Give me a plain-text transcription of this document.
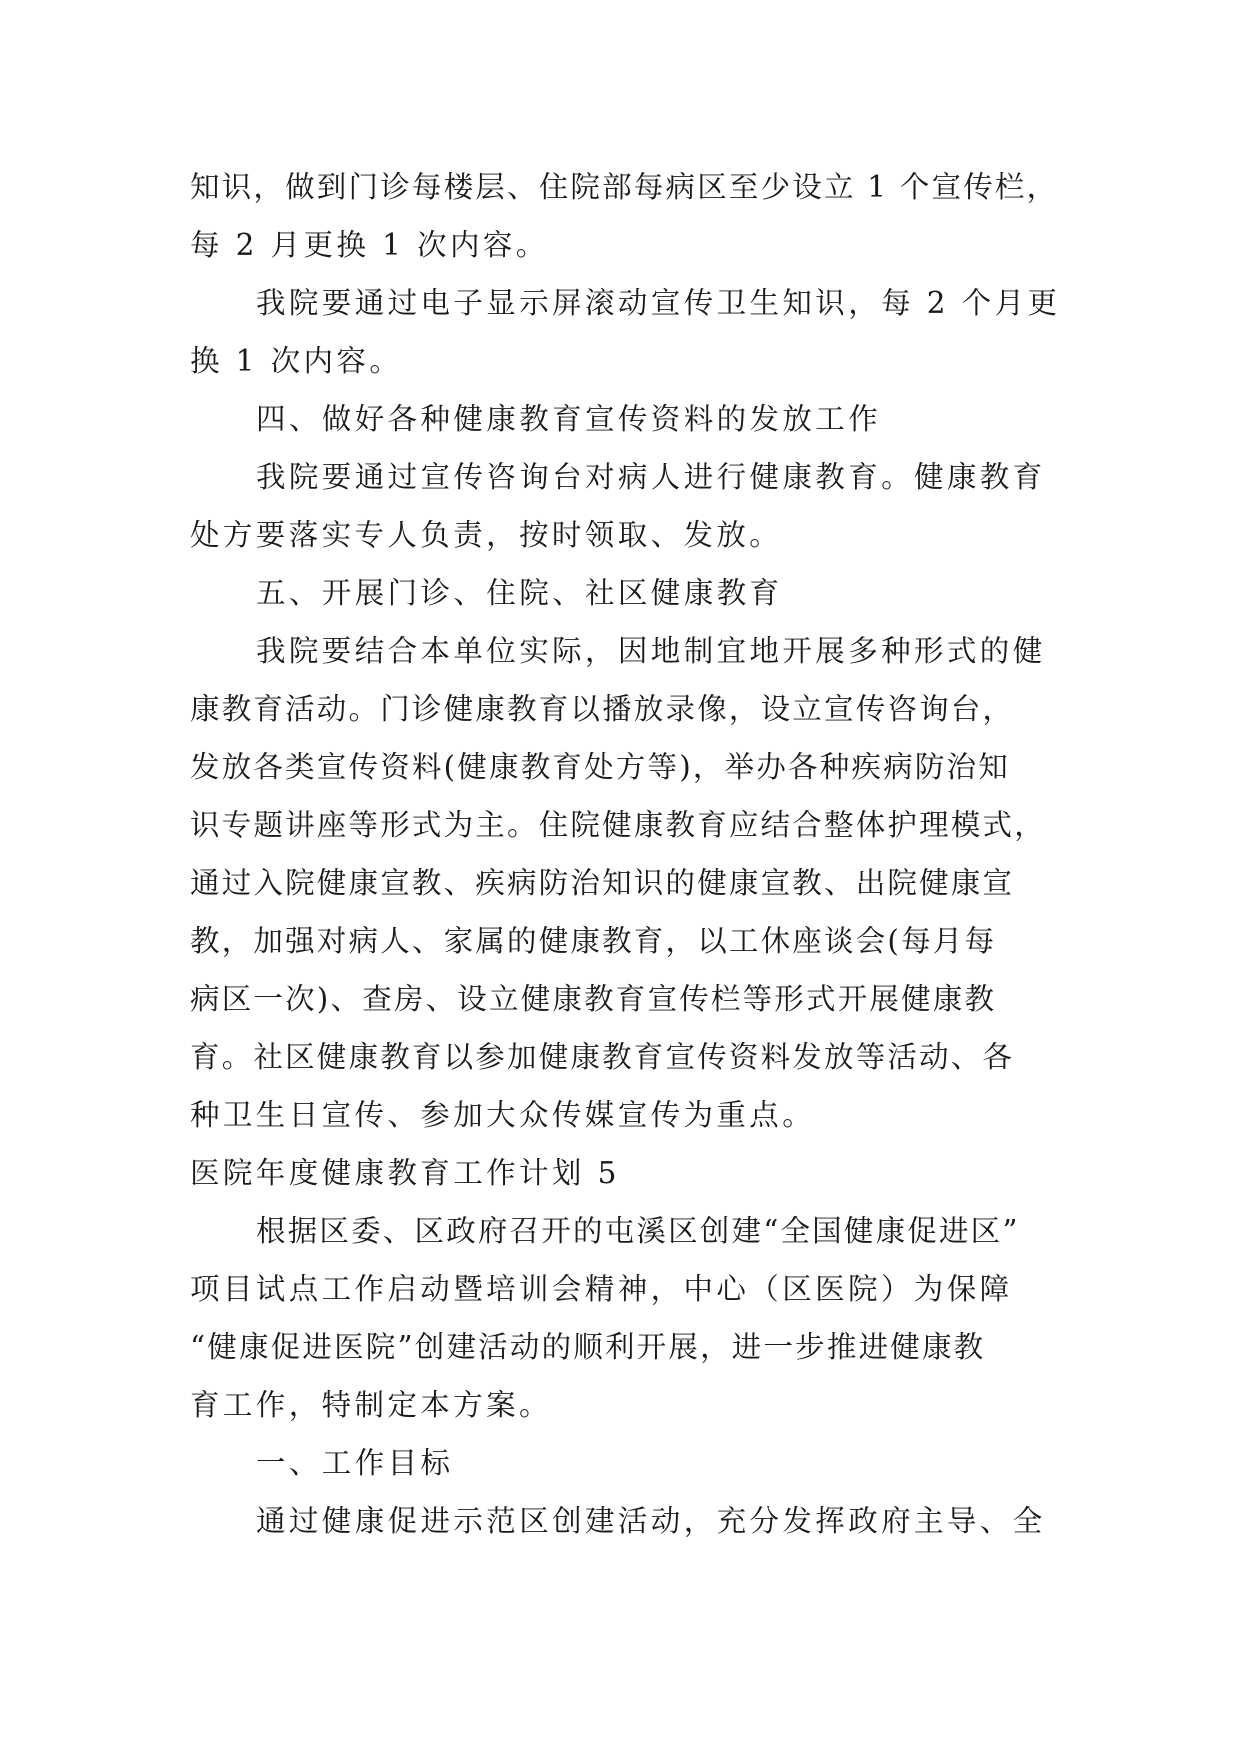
知识，做到门诊每楼层、住院部每病区至少设立 1 个宣传栏，
每 2 月更换 1 次内容。
我院要通过电子显示屏滚动宣传卫生知识，每 2 个月更
换 1 次内容。
四、做好各种健康教育宣传资料的发放工作
我院要通过宣传咨询台对病人进行健康教育。健康教育
处方要落实专人负责，按时领取、发放。
五、开展门诊、住院、社区健康教育
我院要结合本单位实际，因地制宜地开展多种形式的健
康教育活动。门诊健康教育以播放录像，设立宣传咨询台，
发放各类宣传资料(健康教育处方等)，举办各种疾病防治知
识专题讲座等形式为主。住院健康教育应结合整体护理模式，
通过入院健康宣教、疾病防治知识的健康宣教、出院健康宣
教，加强对病人、家属的健康教育，以工休座谈会(每月每
病区一次)、查房、设立健康教育宣传栏等形式开展健康教
育。社区健康教育以参加健康教育宣传资料发放等活动、各
种卫生日宣传、参加大众传媒宣传为重点。
医院年度健康教育工作计划 5
根据区委、区政府召开的屯溪区创建“全国健康促进区”
项目试点工作启动暨培训会精神，中心（区医院）为保障
“健康促进医院”创建活动的顺利开展，进一步推进健康教
育工作，特制定本方案。
一、工作目标
通过健康促进示范区创建活动，充分发挥政府主导、全
